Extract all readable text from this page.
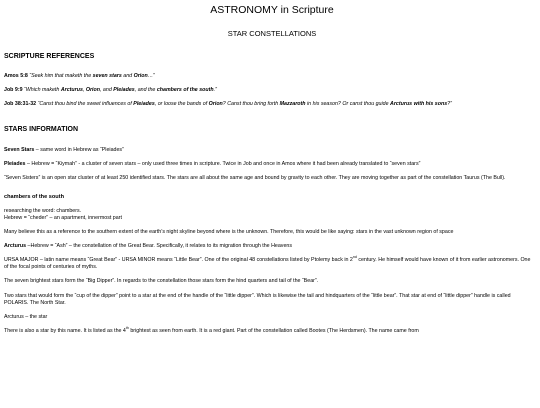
ASTRONOMY in Scripture
STAR CONSTELLATIONS
SCRIPTURE REFERENCES
Amos 5:8 “Seek him that maketh the seven stars and Orion…”
Job 9:9 “Which maketh Arcturus, Orion, and Pleiades, and the chambers of the south.”
Job 38:31-32 “Canst thou bind the sweet influences of Pleiades, or loose the bands of Orion? Canst thou bring forth Mazzaroth in his season? Or canst thou guide Arcturus with his sons?”
STARS INFORMATION
Seven Stars – same word in Hebrew as “Pleiades”
Pleiades – Hebrew = “Kiymah” - a cluster of seven stars – only used three times in scripture. Twice in Job and once in Amos where it had been already translated to “seven stars”
“Seven Sisters” is an open star cluster of at least 250 identified stars. The stars are all about the same age and bound by gravity to each other. They are moving together as part of the constellation Taurus (The Bull).
chambers of the south
researching the word: chambers.
Hebrew = “cheder” – an apartment, innermost part
Many believe this as a reference to the southern extent of the earth’s night skyline beyond where is the unknown. Therefore, this would be like saying: stars in the vast unknown region of space
Arcturus –Hebrew = “Ash” – the constellation of the Great Bear. Specifically, it relates to its migration through the Heavens
URSA MAJOR – latin name means “Great Bear” - URSA MINOR means “Little Bear”. One of the original 48 constellations listed by Ptolemy back in 2nd century. He himself would have known of it from earlier astronomers. One of the focal points of centuries of myths.
The seven brightest stars form the “Big Dipper”. In regards to the constellation those stars form the hind quarters and tail of the “Bear”.
Two stars that would form the “cup of the dipper” point to a star at the end of the handle of the “little dipper”. Which is likewise the tail and hindquarters of the “little bear”. That star at end of “little dipper” handle is called POLARIS. The North Star.
Arcturus – the star
There is also a star by this name. It is listed as the 4th brightest as seen from earth. It is a red giant. Part of the constellation called Bootes (The Herdsmen). The name came from
